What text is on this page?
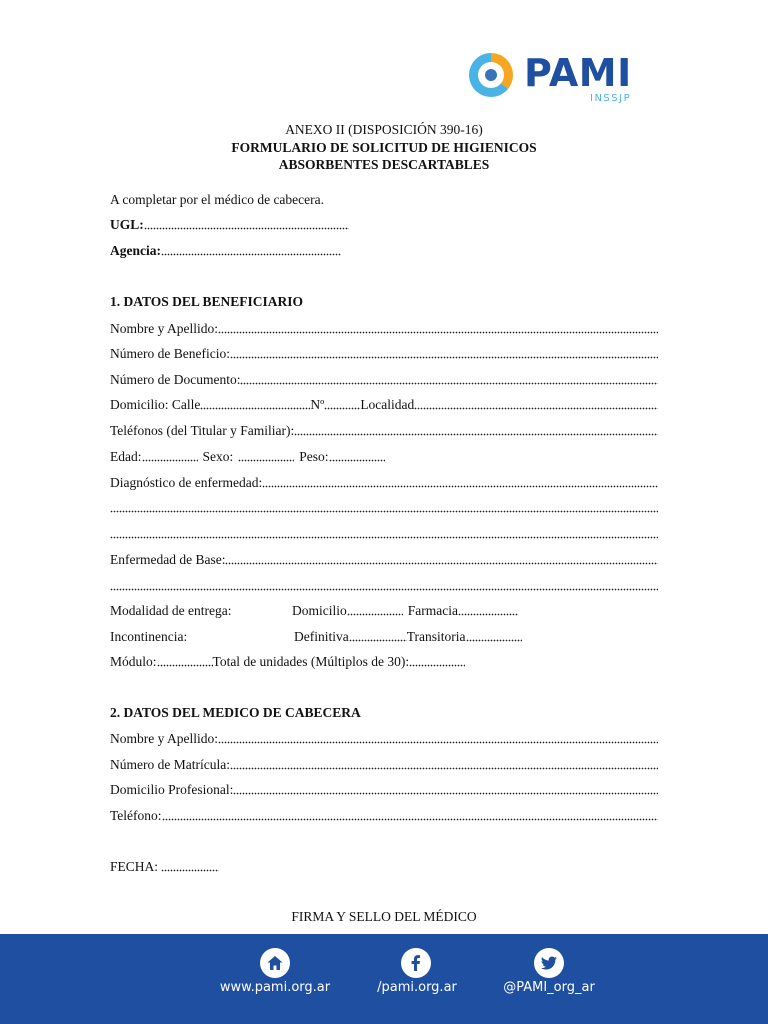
PAMI
INSSJP
ANEXO II (DISPOSICIÓN 390-16)
FORMULARIO DE SOLICITUD DE HIGIENICOS
ABSORBENTES DESCARTABLES
A completar por el médico de cabecera.
UGL:
Agencia:
1. DATOS DEL BENEFICIARIO
Nombre y Apellido:
Número de Beneficio:
Número de Documento:
Domicilio: Calle	Nº	Localidad
Teléfonos (del Titular y Familiar):
Edad:	Sexo:	Peso:
Diagnóstico de enfermedad:
Enfermedad de Base:
Modalidad de entrega:	Domicilio	Farmacia
Incontinencia:	Definitiva	Transitoria
Módulo:	Total de unidades (Múltiplos de 30):
2. DATOS DEL MEDICO DE CABECERA
Nombre y Apellido:
Número de Matrícula:
Domicilio Profesional:
Teléfono:
FECHA:
FIRMA Y SELLO DEL MÉDICO
www.pami.org.ar	/pami.org.ar	@PAMI_org_ar
